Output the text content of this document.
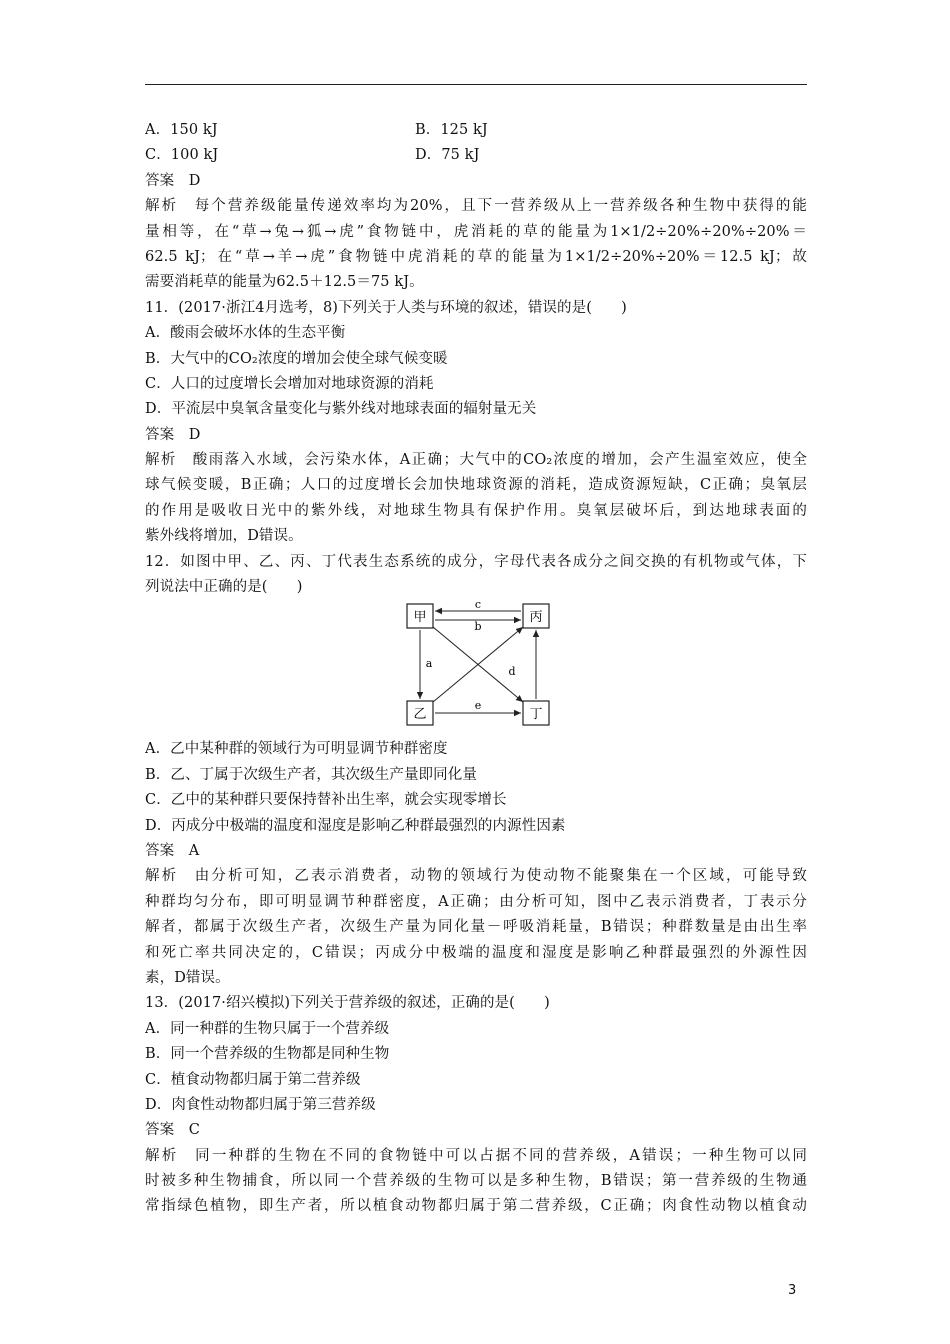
A．150 kJ	B．125 kJ
C．100 kJ	D．75 kJ
答案　D
解析　每个营养级能量传递效率均为20%，且下一营养级从上一营养级各种生物中获得的能
量相等，在“草→兔→狐→虎”食物链中，虎消耗的草的能量为1×1/2÷20%÷20%÷20%＝
62.5 kJ；在“草→羊→虎”食物链中虎消耗的草的能量为1×1/2÷20%÷20%＝12.5 kJ；故
需要消耗草的能量为62.5＋12.5＝75 kJ。
11．(2017·浙江4月选考，8)下列关于人类与环境的叙述，错误的是(　　)
A．酸雨会破坏水体的生态平衡
B．大气中的CO₂浓度的增加会使全球气候变暖
C．人口的过度增长会增加对地球资源的消耗
D．平流层中臭氧含量变化与紫外线对地球表面的辐射量无关
答案　D
解析　酸雨落入水域，会污染水体，A正确；大气中的CO₂浓度的增加，会产生温室效应，使全
球气候变暖，B正确；人口的过度增长会加快地球资源的消耗，造成资源短缺，C正确；臭氧层
的作用是吸收日光中的紫外线，对地球生物具有保护作用。臭氧层破坏后，到达地球表面的
紫外线将增加，D错误。
12．如图中甲、乙、丙、丁代表生态系统的成分，字母代表各成分之间交换的有机物或气体，下
列说法中正确的是(　　)
甲	丙
乙	丁
c
b
a
d
e
A．乙中某种群的领域行为可明显调节种群密度
B．乙、丁属于次级生产者，其次级生产量即同化量
C．乙中的某种群只要保持替补出生率，就会实现零增长
D．丙成分中极端的温度和湿度是影响乙种群最强烈的内源性因素
答案　A
解析　由分析可知，乙表示消费者，动物的领域行为使动物不能聚集在一个区域，可能导致
种群均匀分布，即可明显调节种群密度，A正确；由分析可知，图中乙表示消费者，丁表示分
解者，都属于次级生产者，次级生产量为同化量－呼吸消耗量，B错误；种群数量是由出生率
和死亡率共同决定的，C错误；丙成分中极端的温度和湿度是影响乙种群最强烈的外源性因
素，D错误。
13．(2017·绍兴模拟)下列关于营养级的叙述，正确的是(　　)
A．同一种群的生物只属于一个营养级
B．同一个营养级的生物都是同种生物
C．植食动物都归属于第二营养级
D．肉食性动物都归属于第三营养级
答案　C
解析　同一种群的生物在不同的食物链中可以占据不同的营养级，A错误；一种生物可以同
时被多种生物捕食，所以同一个营养级的生物可以是多种生物，B错误；第一营养级的生物通
常指绿色植物，即生产者，所以植食动物都归属于第二营养级，C正确；肉食性动物以植食动
3
